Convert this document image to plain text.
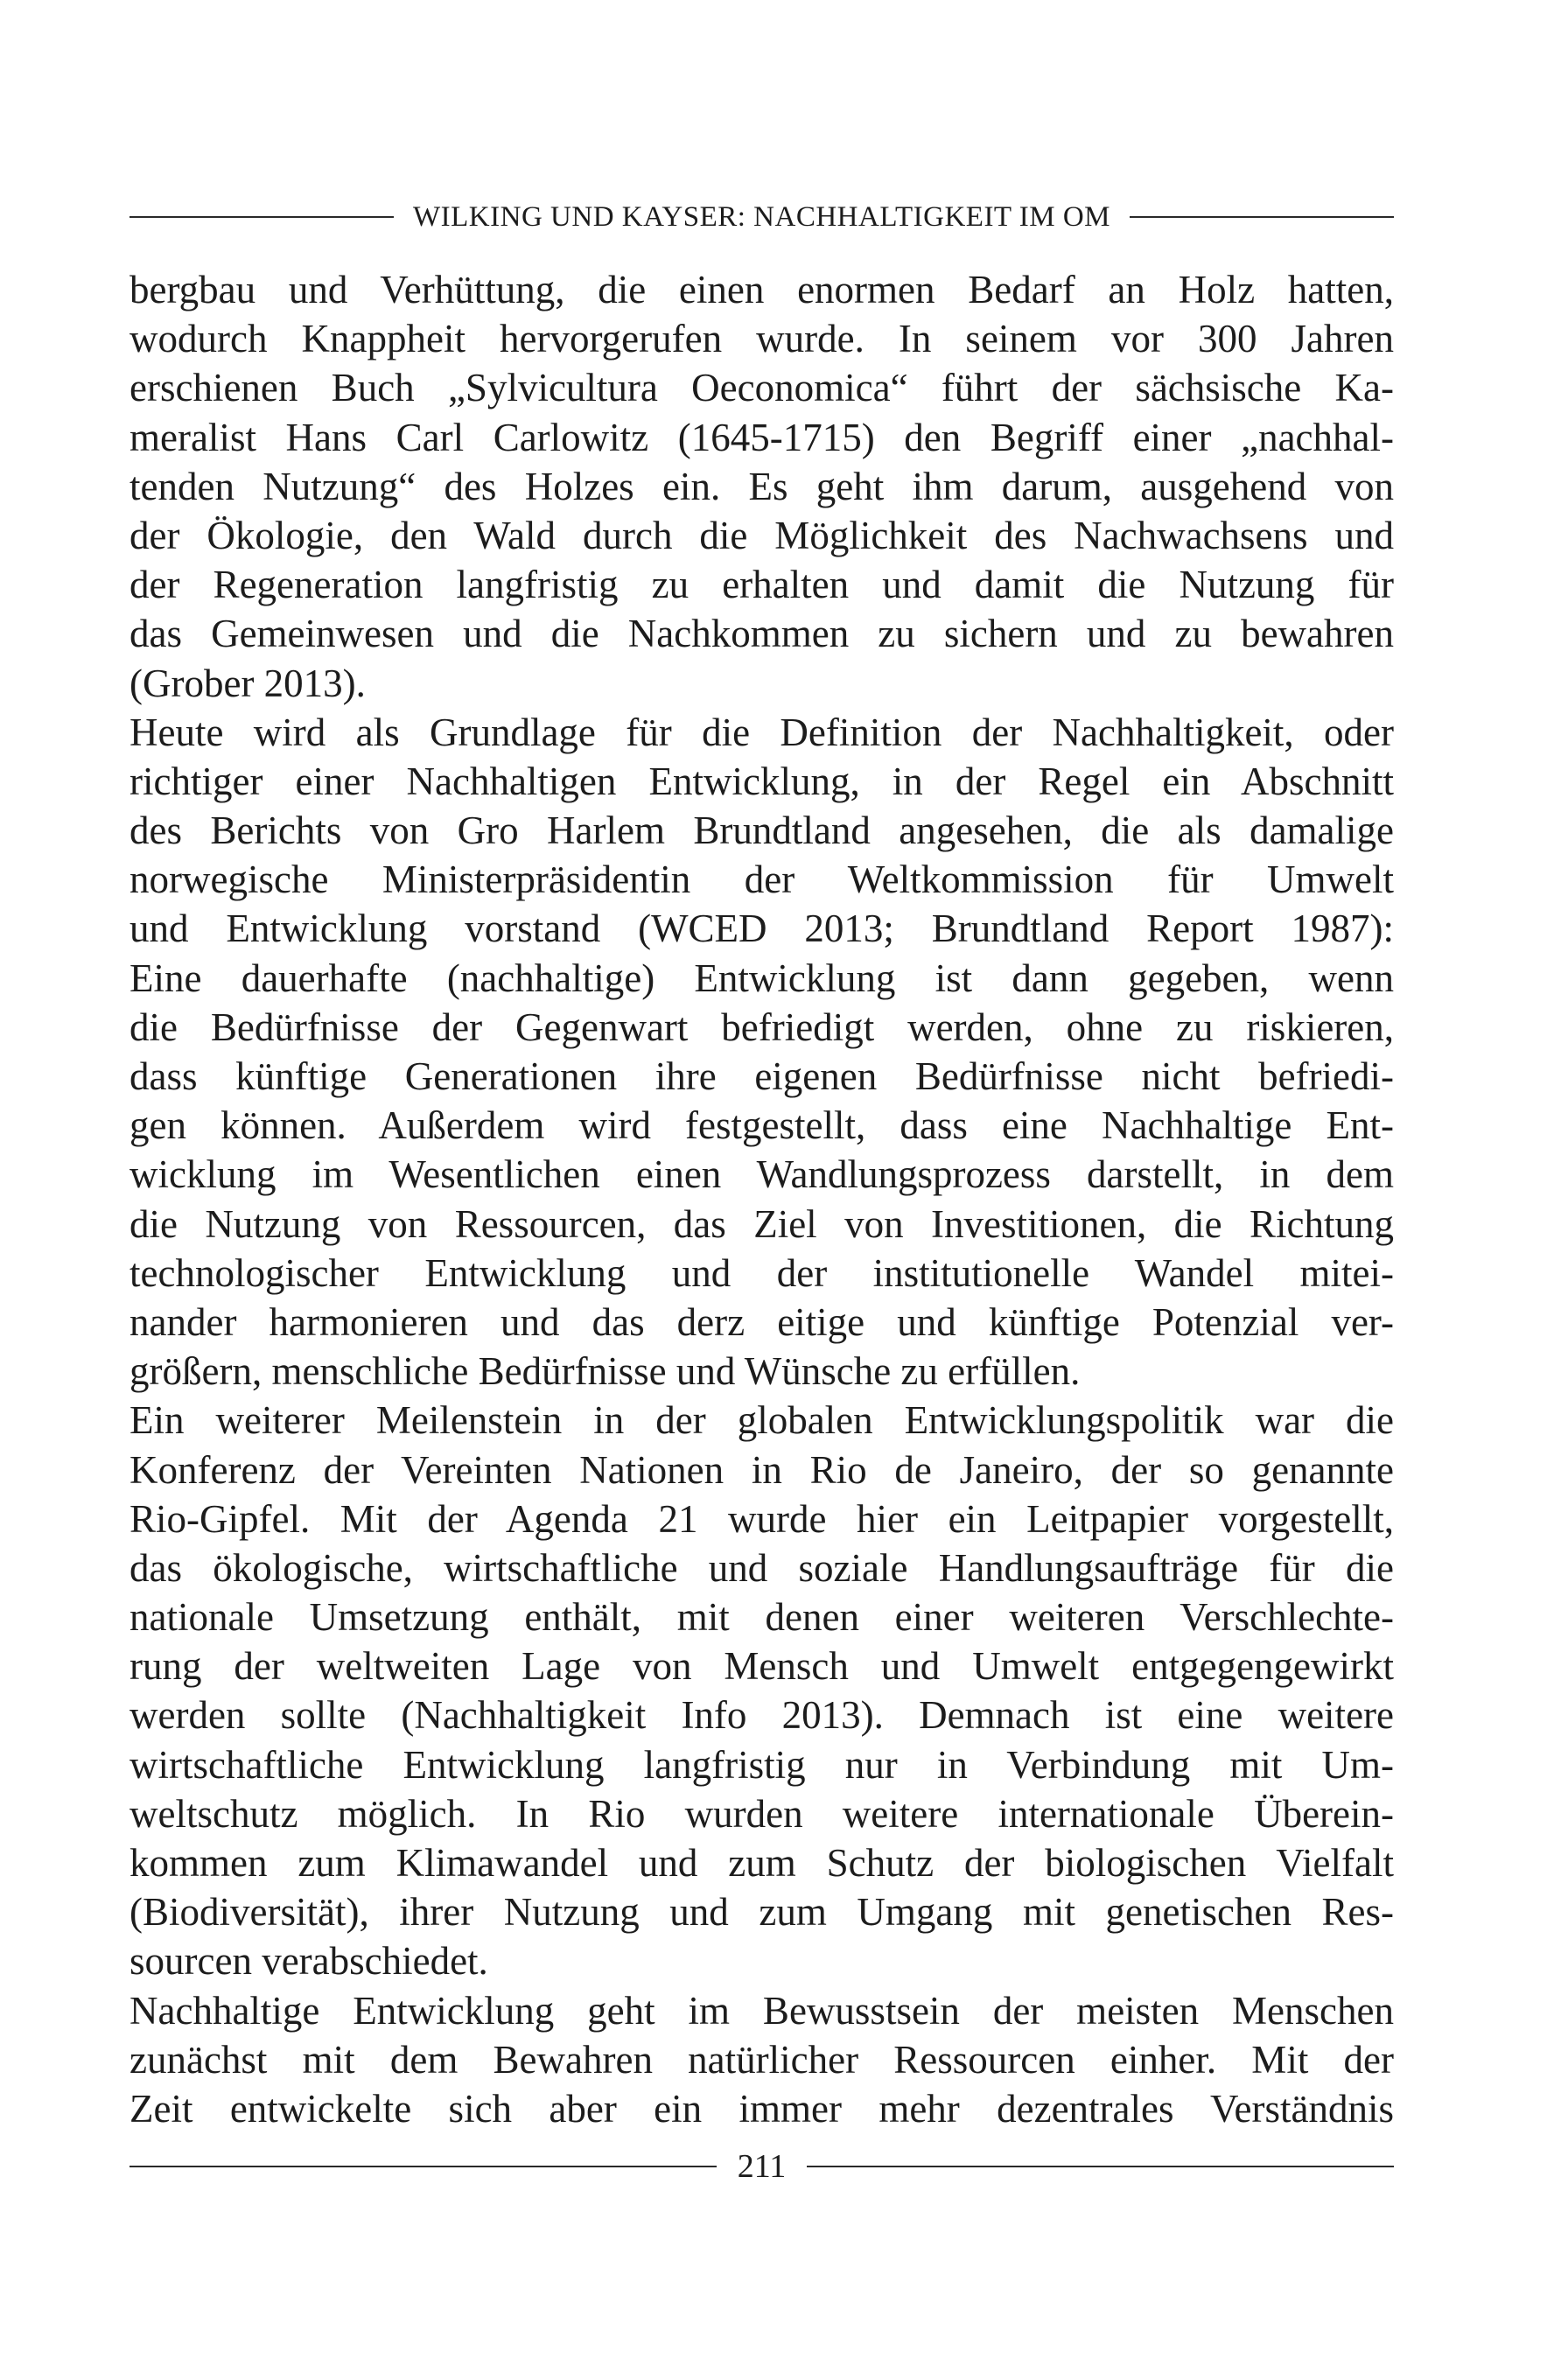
WILKING UND KAYSER: NACHHALTIGKEIT IM OM
bergbau und Verhüttung, die einen enormen Bedarf an Holz hatten,
wodurch Knappheit hervorgerufen wurde. In seinem vor 300 Jahren
erschienen Buch „Sylvicultura Oeconomica“ führt der sächsische Ka-
meralist Hans Carl Carlowitz (1645-1715) den Begriff einer „nachhal-
tenden Nutzung“ des Holzes ein. Es geht ihm darum, ausgehend von
der Ökologie, den Wald durch die Möglichkeit des Nachwachsens und
der Regeneration langfristig zu erhalten und damit die Nutzung für
das Gemeinwesen und die Nachkommen zu sichern und zu bewahren
(Grober 2013).
Heute wird als Grundlage für die Definition der Nachhaltigkeit, oder
richtiger einer Nachhaltigen Entwicklung, in der Regel ein Abschnitt
des Berichts von Gro Harlem Brundtland angesehen, die als damalige
norwegische Ministerpräsidentin der Weltkommission für Umwelt
und Entwicklung vorstand (WCED 2013; Brundtland Report 1987):
Eine dauerhafte (nachhaltige) Entwicklung ist dann gegeben, wenn
die Bedürfnisse der Gegenwart befriedigt werden, ohne zu riskieren,
dass künftige Generationen ihre eigenen Bedürfnisse nicht befriedi-
gen können. Außerdem wird festgestellt, dass eine Nachhaltige Ent-
wicklung im Wesentlichen einen Wandlungsprozess darstellt, in dem
die Nutzung von Ressourcen, das Ziel von Investitionen, die Richtung
technologischer Entwicklung und der institutionelle Wandel mitei-
nander harmonieren und das derz eitige und künftige Potenzial ver-
größern, menschliche Bedürfnisse und Wünsche zu erfüllen.
Ein weiterer Meilenstein in der globalen Entwicklungspolitik war die
Konferenz der Vereinten Nationen in Rio de Janeiro, der so genannte
Rio-Gipfel. Mit der Agenda 21 wurde hier ein Leitpapier vorgestellt,
das ökologische, wirtschaftliche und soziale Handlungsaufträge für die
nationale Umsetzung enthält, mit denen einer weiteren Verschlechte-
rung der weltweiten Lage von Mensch und Umwelt entgegengewirkt
werden sollte (Nachhaltigkeit Info 2013). Demnach ist eine weitere
wirtschaftliche Entwicklung langfristig nur in Verbindung mit Um-
weltschutz möglich. In Rio wurden weitere internationale Überein-
kommen zum Klimawandel und zum Schutz der biologischen Vielfalt
(Biodiversität), ihrer Nutzung und zum Umgang mit genetischen Res-
sourcen verabschiedet.
Nachhaltige Entwicklung geht im Bewusstsein der meisten Menschen
zunächst mit dem Bewahren natürlicher Ressourcen einher. Mit der
Zeit entwickelte sich aber ein immer mehr dezentrales Verständnis
211
